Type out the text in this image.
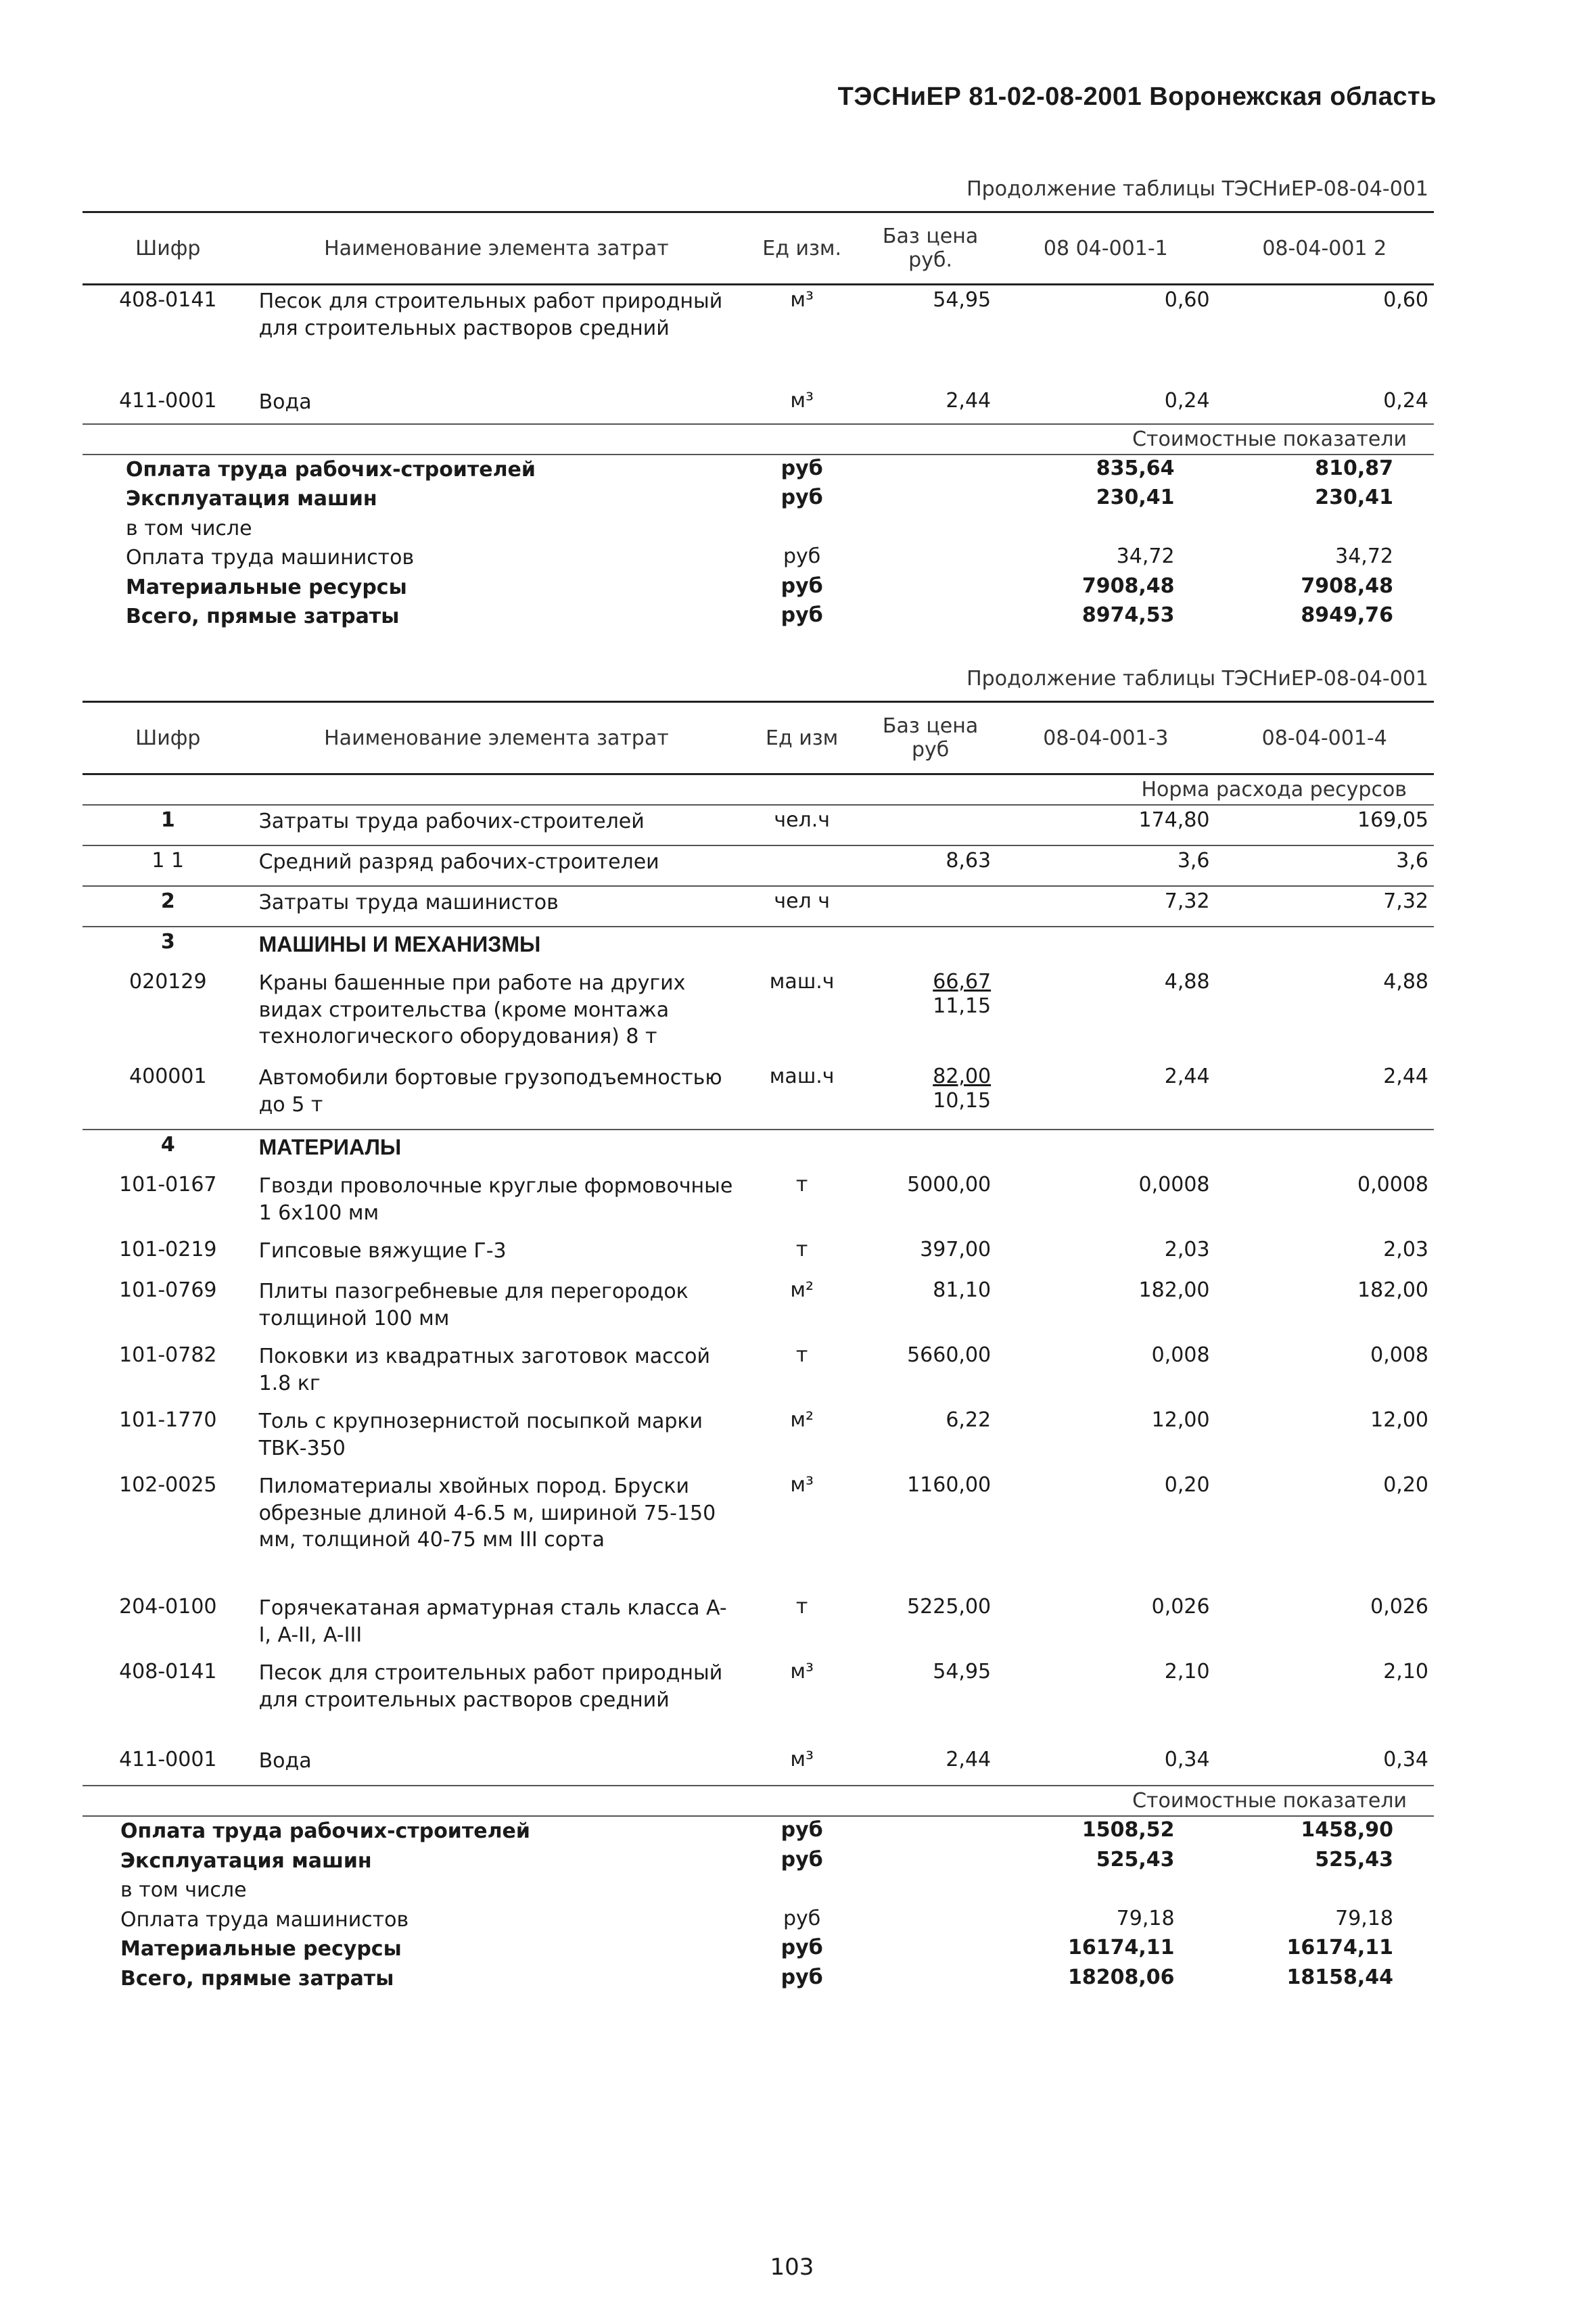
ТЭСНиЕР 81-02-08-2001 Воронежская область
Продолжение таблицы ТЭСНиЕР-08-04-001
Шифр	Наименование элемента затрат	Ед изм.	Баз цена руб.	08 04-001-1	08-04-001 2
408-0141	Песок для строительных работ природный для строительных растворов средний	м³	54,95	0,60	0,60
411-0001	Вода	м³	2,44	0,24	0,24
Стоимостные показатели					
Оплата труда рабочих-строителей		руб		835,64	810,87
Эксплуатация машин		руб		230,41	230,41
в том числе					
Оплата труда машинистов		руб		34,72	34,72
Материальные ресурсы		руб		7908,48	7908,48
Всего, прямые затраты		руб		8974,53	8949,76
Продолжение таблицы ТЭСНиЕР-08-04-001
Шифр	Наименование элемента затрат	Ед изм	Баз цена руб	08-04-001-3	08-04-001-4
Норма расхода ресурсов					
1	Затраты труда рабочих-строителей	чел.ч		174,80	169,05
1 1	Средний разряд рабочих-строителеи		8,63	3,6	3,6
2	Затраты труда машинистов	чел ч		7,32	7,32
3	МАШИНЫ И МЕХАНИЗМЫ				
020129	Краны башенные при работе на других видах строительства (кроме монтажа технологического оборудования) 8 т	маш.ч	$\frac{66,67}{11,15}$	4,88	4,88
400001	Автомобили бортовые грузоподъемностью до 5 т	маш.ч	$\frac{82,00}{10,15}$	2,44	2,44
4	МАТЕРИАЛЫ				
101-0167	Гвозди проволочные круглые формовочные 1 6х100 мм	т	5000,00	0,0008	0,0008
101-0219	Гипсовые вяжущие Г-3	т	397,00	2,03	2,03
101-0769	Плиты пазогребневые для перегородок толщиной 100 мм	м²	81,10	182,00	182,00
101-0782	Поковки из квадратных заготовок массой 1.8 кг	т	5660,00	0,008	0,008
101-1770	Толь с крупнозернистой посыпкой марки ТВК-350	м²	6,22	12,00	12,00
102-0025	Пиломатериалы хвойных пород. Бруски обрезные длиной 4-6.5 м, шириной 75-150 мм, толщиной 40-75 мм III сорта	м³	1160,00	0,20	0,20
204-0100	Горячекатаная арматурная сталь класса A-I, A-II, A-III	т	5225,00	0,026	0,026
408-0141	Песок для строительных работ природный для строительных растворов средний	м³	54,95	2,10	2,10
411-0001	Вода	м³	2,44	0,34	0,34
Стоимостные показатели					
Оплата труда рабочих-строителей		руб		1508,52	1458,90
Эксплуатация машин		руб		525,43	525,43
в том числе					
Оплата труда машинистов		руб		79,18	79,18
Материальные ресурсы		руб		16174,11	16174,11
Всего, прямые затраты		руб		18208,06	18158,44
103
